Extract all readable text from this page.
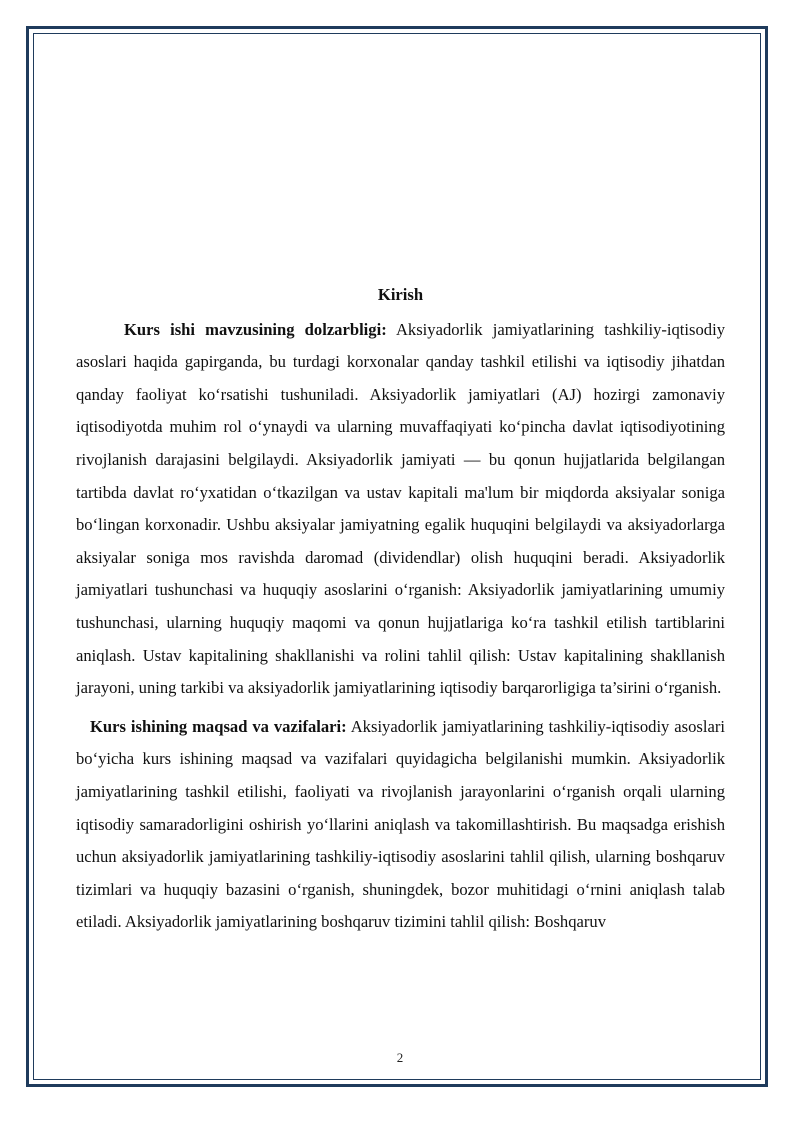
Kirish

Kurs ishi mavzusining dolzarbligi: Aksiyadorlik jamiyatlarining tashkiliy-iqtisodiy asoslari haqida gapirganda, bu turdagi korxonalar qanday tashkil etilishi va iqtisodiy jihatdan qanday faoliyat ko‘rsatishi tushuniladi. Aksiyadorlik jamiyatlari (AJ) hozirgi zamonaviy iqtisodiyotda muhim rol o‘ynaydi va ularning muvaffaqiyati ko‘pincha davlat iqtisodiyotining rivojlanish darajasini belgilaydi. Aksiyadorlik jamiyati — bu qonun hujjatlarida belgilangan tartibda davlat ro‘yxatidan o‘tkazilgan va ustav kapitali ma'lum bir miqdorda aksiyalar soniga bo‘lingan korxonadir. Ushbu aksiyalar jamiyatning egalik huquqini belgilaydi va aksiyadorlarga aksiyalar soniga mos ravishda daromad (dividendlar) olish huquqini beradi. Aksiyadorlik jamiyatlari tushunchasi va huquqiy asoslarini o‘rganish: Aksiyadorlik jamiyatlarining umumiy tushunchasi, ularning huquqiy maqomi va qonun hujjatlariga ko‘ra tashkil etilish tartiblarini aniqlash. Ustav kapitalining shakllanishi va rolini tahlil qilish: Ustav kapitalining shakllanish jarayoni, uning tarkibi va aksiyadorlik jamiyatlarining iqtisodiy barqarorligiga ta’sirini o‘rganish.

Kurs ishining maqsad va vazifalari: Aksiyadorlik jamiyatlarining tashkiliy-iqtisodiy asoslari bo‘yicha kurs ishining maqsad va vazifalari quyidagicha belgilanishi mumkin. Aksiyadorlik jamiyatlarining tashkil etilishi, faoliyati va rivojlanish jarayonlarini o‘rganish orqali ularning iqtisodiy samaradorligini oshirish yo‘llarini aniqlash va takomillashtirish. Bu maqsadga erishish uchun aksiyadorlik jamiyatlarining tashkiliy-iqtisodiy asoslarini tahlil qilish, ularning boshqaruv tizimlari va huquqiy bazasini o‘rganish, shuningdek, bozor muhitidagi o‘rnini aniqlash talab etiladi. Aksiyadorlik jamiyatlarining boshqaruv tizimini tahlil qilish: Boshqaruv

2
